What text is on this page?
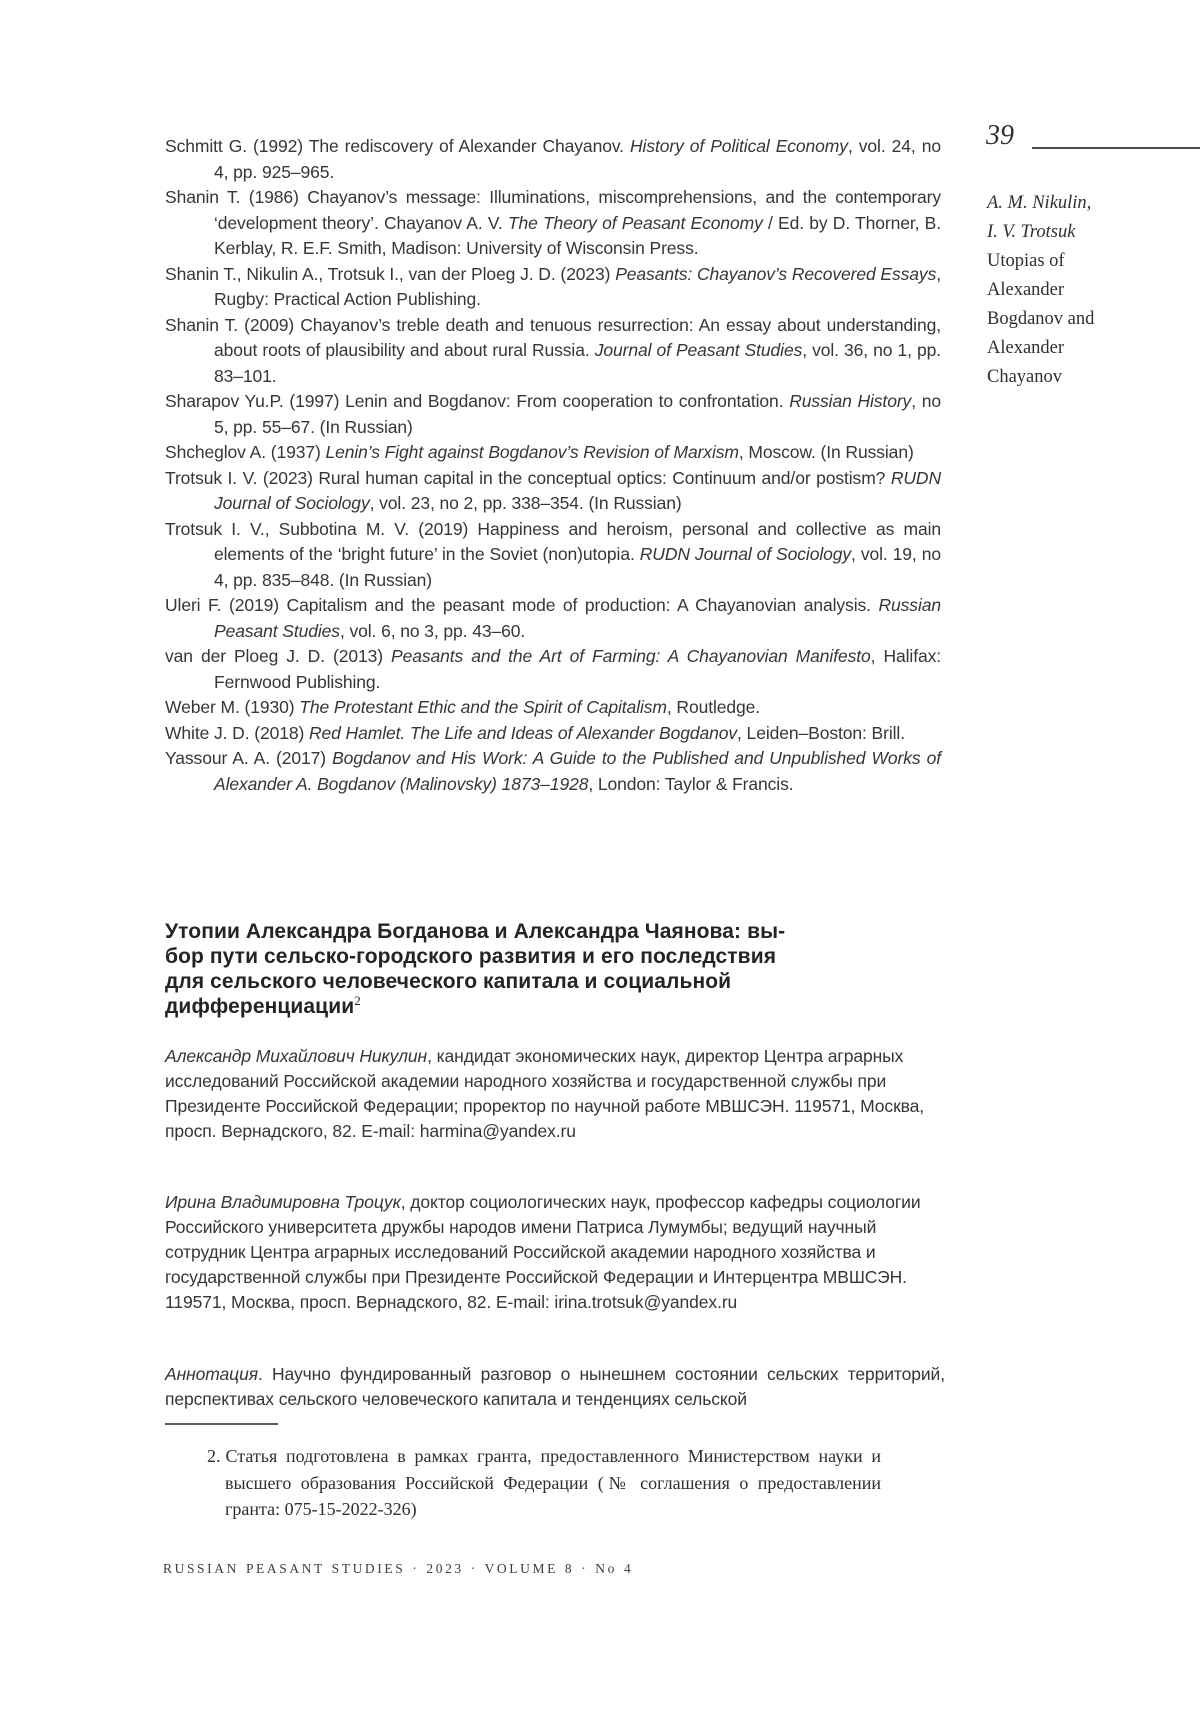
Schmitt G. (1992) The rediscovery of Alexander Chayanov. History of Political Economy, vol. 24, no 4, pp. 925–965.

Shanin T. (1986) Chayanov’s message: Illuminations, miscomprehensions, and the contemporary ‘development theory’. Chayanov A. V. The Theory of Peasant Economy / Ed. by D. Thorner, B. Kerblay, R. E.F. Smith, Madison: University of Wisconsin Press.

Shanin T., Nikulin A., Trotsuk I., van der Ploeg J. D. (2023) Peasants: Chayanov’s Recovered Essays, Rugby: Practical Action Publishing.

Shanin T. (2009) Chayanov’s treble death and tenuous resurrection: An essay about understanding, about roots of plausibility and about rural Russia. Journal of Peasant Studies, vol. 36, no 1, pp. 83–101.

Sharapov Yu.P. (1997) Lenin and Bogdanov: From cooperation to confrontation. Russian History, no 5, pp. 55–67. (In Russian)

Shcheglov A. (1937) Lenin’s Fight against Bogdanov’s Revision of Marxism, Moscow. (In Russian)

Trotsuk I. V. (2023) Rural human capital in the conceptual optics: Continuum and/or postism? RUDN Journal of Sociology, vol. 23, no 2, pp. 338–354. (In Russian)

Trotsuk I. V., Subbotina M. V. (2019) Happiness and heroism, personal and collective as main elements of the ‘bright future’ in the Soviet (non)utopia. RUDN Journal of Sociology, vol. 19, no 4, pp. 835–848. (In Russian)

Uleri F. (2019) Capitalism and the peasant mode of production: A Chayanovian analysis. Russian Peasant Studies, vol. 6, no 3, pp. 43–60.

van der Ploeg J. D. (2013) Peasants and the Art of Farming: A Chayanovian Manifesto, Halifax: Fernwood Publishing.

Weber M. (1930) The Protestant Ethic and the Spirit of Capitalism, Routledge.

White J. D. (2018) Red Hamlet. The Life and Ideas of Alexander Bogdanov, Leiden–Boston: Brill.

Yassour A. A. (2017) Bogdanov and His Work: A Guide to the Published and Unpublished Works of Alexander A. Bogdanov (Malinovsky) 1873–1928, London: Taylor & Francis.

Утопии Александра Богданова и Александра Чаянова: вы-
бор пути сельско-городского развития и его последствия
для сельского человеческого капитала и социальной
дифференциации$^2$

Александр Михайлович Никулин, кандидат экономических наук, директор Центра аграрных исследований Российской академии народного хозяйства и государственной службы при Президенте Российской Федерации; проректор по научной работе МВШСЭН. 119571, Москва, просп. Вернадского, 82. E-mail: harmina@yandex.ru

Ирина Владимировна Троцук, доктор социологических наук, профессор кафедры социологии Российского университета дружбы народов имени Патриса Лумумбы; ведущий научный сотрудник Центра аграрных исследований Российской академии народного хозяйства и государственной службы при Президенте Российской Федерации и Интерцентра МВШСЭН. 119571, Москва, просп. Вернадского, 82. E-mail: irina.trotsuk@yandex.ru

Аннотация. Научно фундированный разговор о нынешнем состоянии сельских территорий, перспективах сельского человеческого капитала и тенденциях сельской

2. Статья подготовлена в рамках гранта, предоставленного Министерством науки и высшего образования Российской Федерации (№ соглашения о предоставлении гранта: 075-15-2022-326)

RUSSIAN PEASANT STUDIES · 2023 · VOLUME 8 · No 4

39
A. M. Nikulin,
I. V. Trotsuk
Utopias of Alexander Bogdanov and Alexander Chayanov
